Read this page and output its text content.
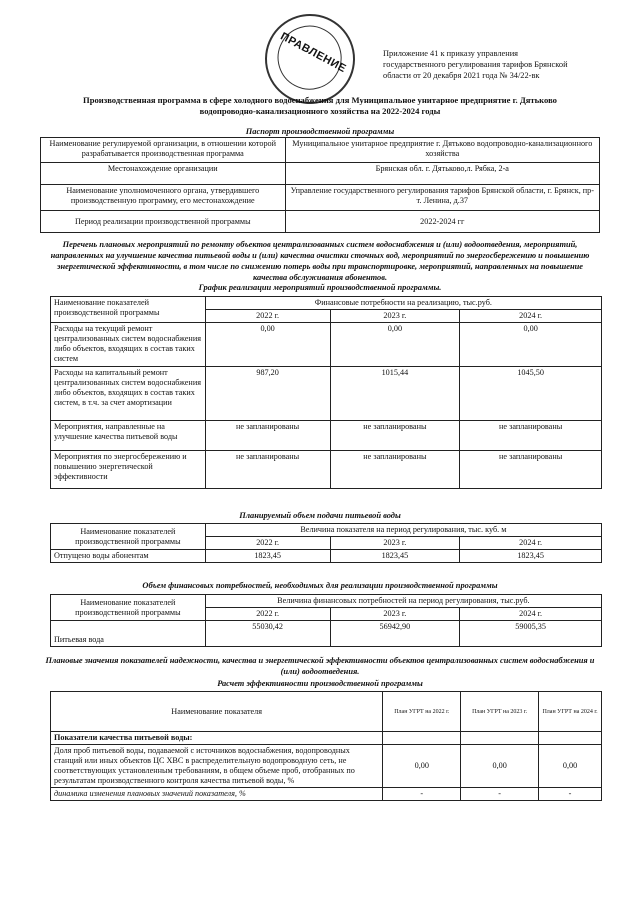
ПРАВЛЕНИЕ	Приложение 41 к приказу управления
государственного регулирования тарифов Брянской
области от 20 декабря 2021 года № 34/22-вк
Производственная программа в сфере холодного водоснабжения для Муниципальное унитарное предприятие г. Дятьково
водопроводно-канализационного хозяйства на 2022-2024 годы
Паспорт производственной программы
Наименование регулируемой организации, в отношении которой разрабатывается производственная программа	Муниципальное унитарное предприятие г. Дятьково водопроводно-канализационного хозяйства
Местонахождение организации	Брянская обл. г. Дятьково,л. Рябка, 2-а
Наименование уполномоченного органа, утвердившего производственную программу, его местонахождение	Управление государственного регулирования тарифов Брянской области, г. Брянск, пр-т. Ленина, д.37
Период реализации производственной программы	2022-2024 гг
Перечень плановых мероприятий по ремонту объектов централизованных систем водоснабжения и (или) водоотведения, мероприятий, направленных на улучшение качества питьевой воды и (или) качества очистки сточных вод, мероприятий по энергосбережению и повышению энергетической эффективности, в том числе по снижению потерь воды при транспортировке, мероприятий, направленных на повышение качества обслуживания абонентов.
График реализации мероприятий производственной программы.
Наименование показателей производственной программы	Финансовые потребности на реализацию, тыс.руб.		
	2022 г.	2023 г.	2024 г.
Расходы на текущий ремонт централизованных систем водоснабжения либо объектов, входящих в состав таких систем	0,00	0,00	0,00
Расходы на капитальный ремонт централизованных систем водоснабжения либо объектов, входящих в состав таких систем, в т.ч. за счет амортизации	987,20	1015,44	1045,50
Мероприятия, направленные на улучшение качества питьевой воды	не запланированы	не запланированы	не запланированы
Мероприятия по энергосбережению и повышению энергетической эффективности	не запланированы	не запланированы	не запланированы
Планируемый объем подачи питьевой воды
Наименование показателей производственной программы	Величина показателя на период регулирования, тыс. куб. м		
	2022 г.	2023 г.	2024 г.
Отпущено воды абонентам	1823,45	1823,45	1823,45
Объем финансовых потребностей, необходимых для реализации производственной программы
Наименование показателей производственной программы	Величина финансовых потребностей на период регулирования, тыс.руб.		
	2022 г.	2023 г.	2024 г.
Питьевая вода	55030,42	56942,90	59005,35
Плановые значения показателей надежности, качества и энергетической эффективности объектов централизованных систем водоснабжения и (или) водоотведения.
Расчет эффективности производственной программы
Наименование показателя	План УГРТ на 2022 г.	План УГРТ на 2023 г.	План УГРТ на 2024 г.
Показатели качества питьевой воды:			
Доля проб питьевой воды, подаваемой с источников водоснабжения, водопроводных станций или иных объектов ЦС ХВС в распределительную водопроводную сеть, не соответствующих установленным требованиям, в общем объеме проб, отобранных по результатам производственного контроля качества питьевой воды, %	0,00	0,00	0,00
динамика изменения плановых значений показателя, %	-	-	-
